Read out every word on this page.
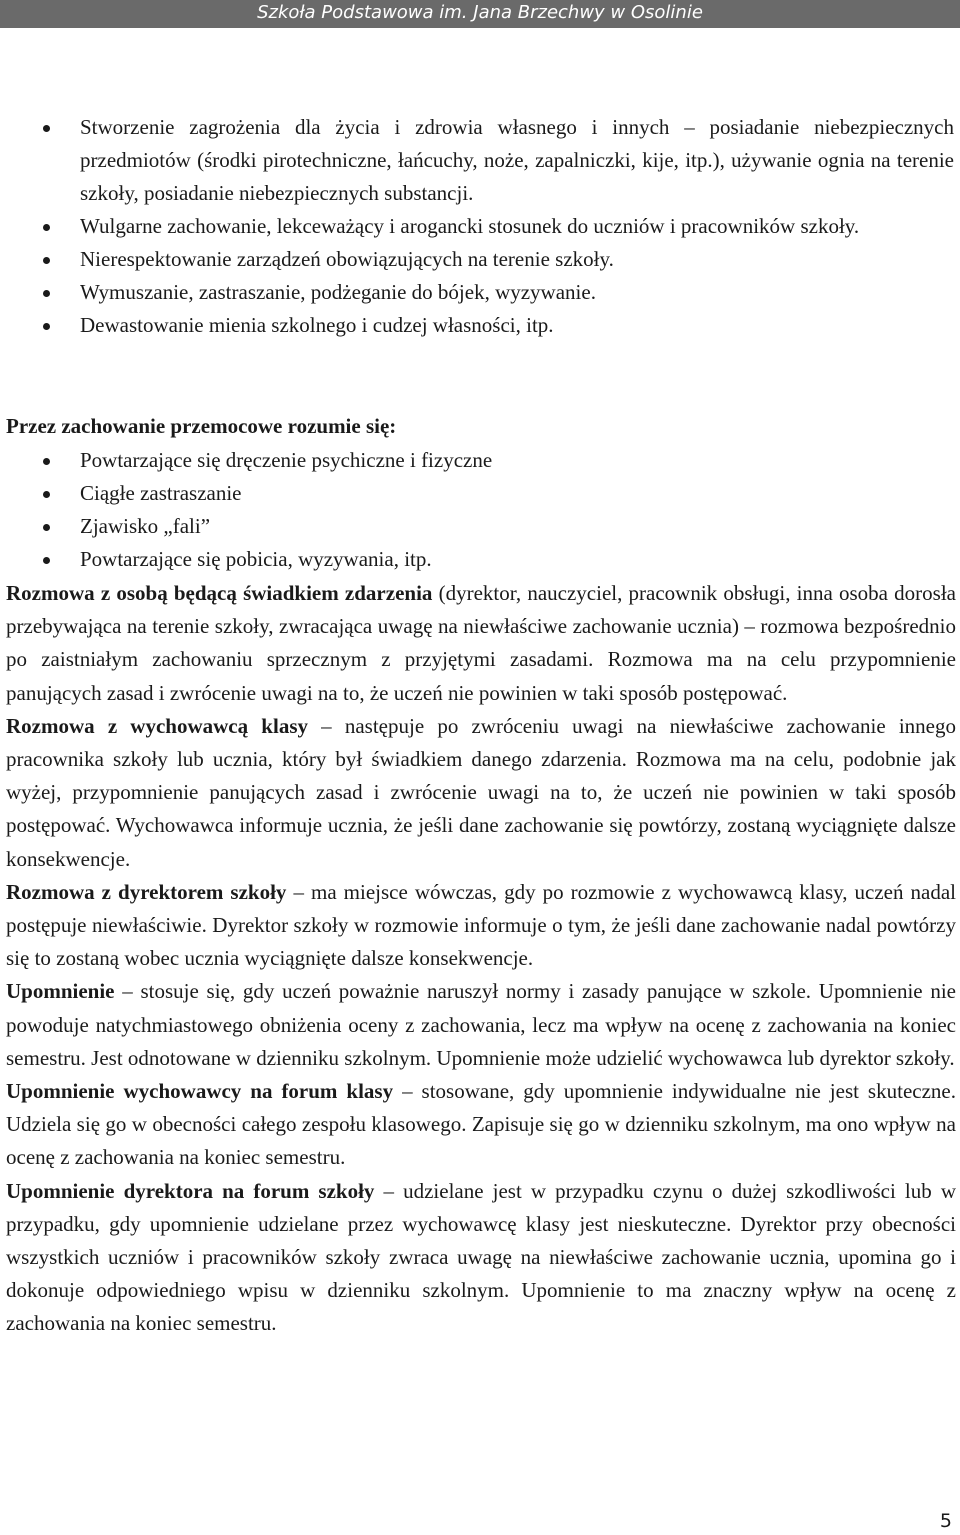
Szkoła Podstawowa im. Jana Brzechwy w Osolinie
Stworzenie zagrożenia dla życia i zdrowia własnego i innych – posiadanie niebezpiecznych przedmiotów (środki pirotechniczne, łańcuchy, noże, zapalniczki, kije, itp.), używanie ognia na terenie szkoły, posiadanie niebezpiecznych substancji.
Wulgarne zachowanie, lekceważący i arogancki stosunek do uczniów i pracowników szkoły.
Nierespektowanie zarządzeń obowiązujących na terenie szkoły.
Wymuszanie, zastraszanie, podżeganie do bójek, wyzywanie.
Dewastowanie mienia szkolnego i cudzej własności, itp.
Przez zachowanie przemocowe rozumie się:
Powtarzające się dręczenie psychiczne i fizyczne
Ciągłe zastraszanie
Zjawisko „fali”
Powtarzające się pobicia, wyzywania, itp.

Rozmowa z osobą będącą świadkiem zdarzenia (dyrektor, nauczyciel, pracownik obsługi, inna osoba dorosła przebywająca na terenie szkoły, zwracająca uwagę na niewłaściwe zachowanie ucznia) – rozmowa bezpośrednio po zaistniałym zachowaniu sprzecznym z przyjętymi zasadami. Rozmowa ma na celu przypomnienie panujących zasad i zwrócenie uwagi na to, że uczeń nie powinien w taki sposób postępować.

Rozmowa z wychowawcą klasy – następuje po zwróceniu uwagi na niewłaściwe zachowanie innego pracownika szkoły lub ucznia, który był świadkiem danego zdarzenia. Rozmowa ma na celu, podobnie jak wyżej, przypomnienie panujących zasad i zwrócenie uwagi na to, że uczeń nie powinien w taki sposób postępować. Wychowawca informuje ucznia, że jeśli dane zachowanie się powtórzy, zostaną wyciągnięte dalsze konsekwencje.

Rozmowa z dyrektorem szkoły – ma miejsce wówczas, gdy po rozmowie z wychowawcą klasy, uczeń nadal postępuje niewłaściwie. Dyrektor szkoły w rozmowie informuje o tym, że jeśli dane zachowanie nadal powtórzy się to zostaną wobec ucznia wyciągnięte dalsze konsekwencje.

Upomnienie – stosuje się, gdy uczeń poważnie naruszył normy i zasady panujące w szkole. Upomnienie nie powoduje natychmiastowego obniżenia oceny z zachowania, lecz ma wpływ na ocenę z zachowania na koniec semestru. Jest odnotowane w dzienniku szkolnym. Upomnienie może udzielić wychowawca lub dyrektor szkoły.

Upomnienie wychowawcy na forum klasy – stosowane, gdy upomnienie indywidualne nie jest skuteczne. Udziela się go w obecności całego zespołu klasowego. Zapisuje się go w dzienniku szkolnym, ma ono wpływ na ocenę z zachowania na koniec semestru.

Upomnienie dyrektora na forum szkoły – udzielane jest w przypadku czynu o dużej szkodliwości lub w przypadku, gdy upomnienie udzielane przez wychowawcę klasy jest nieskuteczne. Dyrektor przy obecności wszystkich uczniów i pracowników szkoły zwraca uwagę na niewłaściwe zachowanie ucznia, upomina go i dokonuje odpowiedniego wpisu w dzienniku szkolnym. Upomnienie to ma znaczny wpływ na ocenę z zachowania na koniec semestru.

5
